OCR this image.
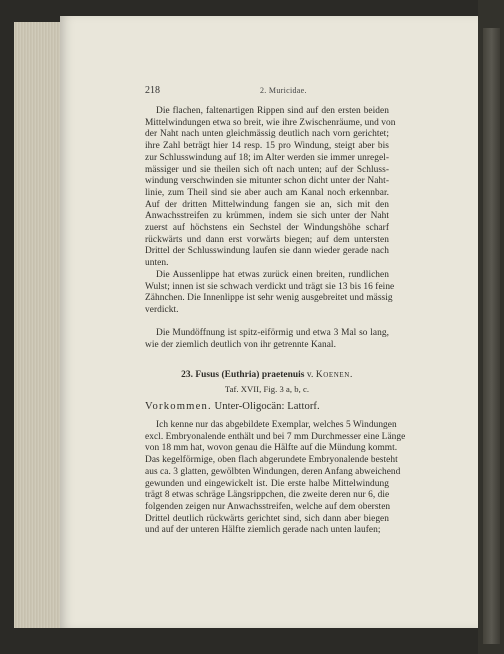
218	2. Muricidae.
Die flachen, faltenartigen Rippen sind auf den ersten beiden
Mittelwindungen etwa so breit, wie ihre Zwischenräume, und von
der Naht nach unten gleichmässig deutlich nach vorn gerichtet;
ihre Zahl beträgt hier 14 resp. 15 pro Windung, steigt aber bis
zur Schlusswindung auf 18; im Alter werden sie immer unregel-
mässiger und sie theilen sich oft nach unten; auf der Schluss-
windung verschwinden sie mitunter schon dicht unter der Naht-
linie, zum Theil sind sie aber auch am Kanal noch erkennbar.
Auf der dritten Mittelwindung fangen sie an, sich mit den
Anwachsstreifen zu krümmen, indem sie sich unter der Naht
zuerst auf höchstens ein Sechstel der Windungshöhe scharf
rückwärts und dann erst vorwärts biegen; auf dem untersten
Drittel der Schlusswindung laufen sie dann wieder gerade nach
unten.
Die Aussenlippe hat etwas zurück einen breiten, rundlichen
Wulst; innen ist sie schwach verdickt und trägt sie 13 bis 16 feine
Zähnchen. Die Innenlippe ist sehr wenig ausgebreitet und mässig
verdickt.
Die Mundöffnung ist spitz-eiförmig und etwa 3 Mal so lang,
wie der ziemlich deutlich von ihr getrennte Kanal.
23. Fusus (Euthria) praetenuis v. Koenen.
Taf. XVII, Fig. 3 a, b, c.
Vorkommen. Unter-Oligocän: Lattorf.
Ich kenne nur das abgebildete Exemplar, welches 5 Windungen
excl. Embryonalende enthält und bei 7 mm Durchmesser eine Länge
von 18 mm hat, wovon genau die Hälfte auf die Mündung kommt.
Das kegelförmige, oben flach abgerundete Embryonalende besteht
aus ca. 3 glatten, gewölbten Windungen, deren Anfang abweichend
gewunden und eingewickelt ist. Die erste halbe Mittelwindung
trägt 8 etwas schräge Längsrippchen, die zweite deren nur 6, die
folgenden zeigen nur Anwachsstreifen, welche auf dem obersten
Drittel deutlich rückwärts gerichtet sind, sich dann aber biegen
und auf der unteren Hälfte ziemlich gerade nach unten laufen;
